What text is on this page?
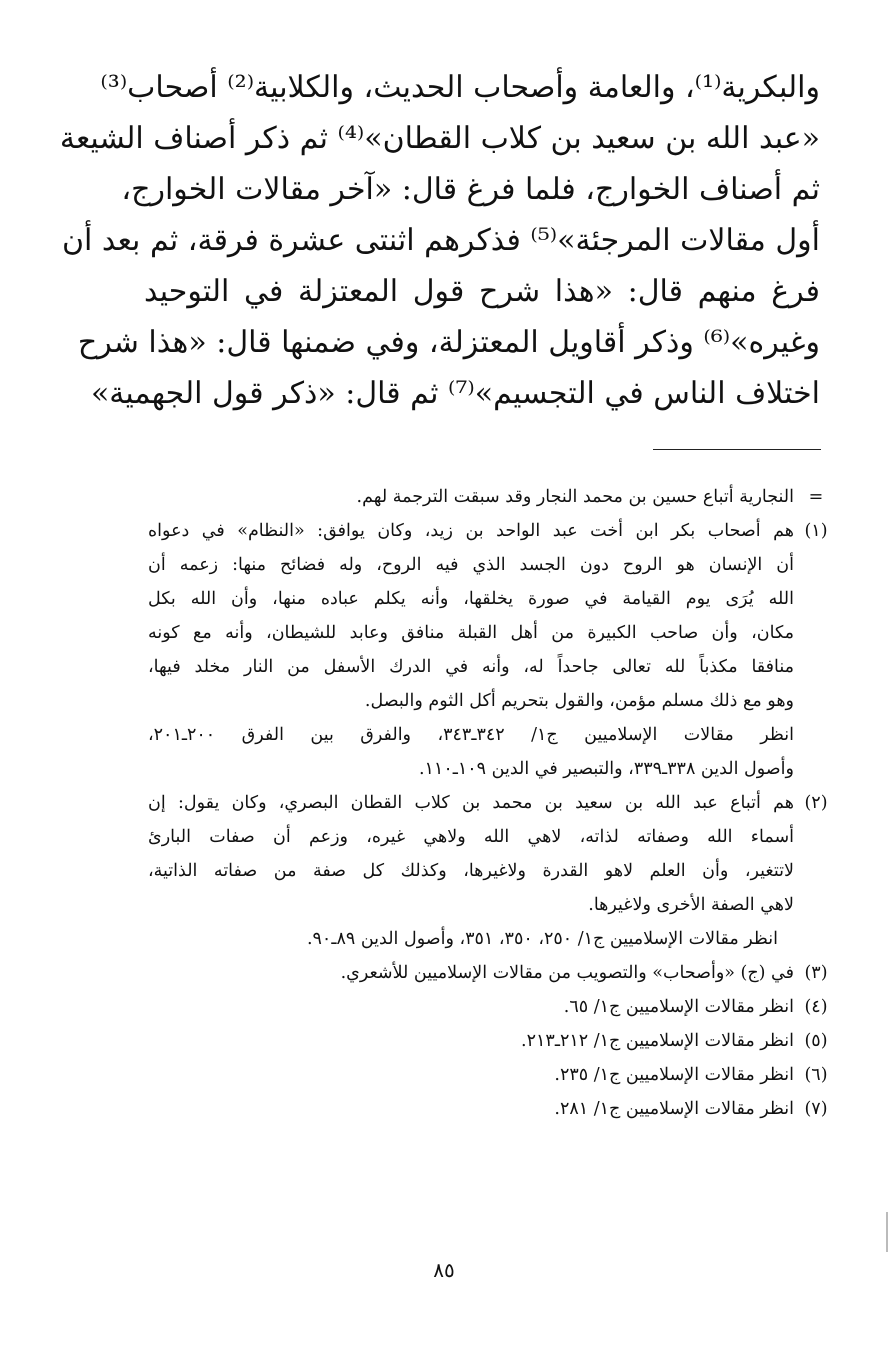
والبكرية⁽¹⁾، والعامة وأصحاب الحديث، والكلابية⁽²⁾ أصحاب⁽³⁾
«عبد الله بن سعيد بن كلاب القطان»⁽⁴⁾ ثم ذكر أصناف الشيعة
ثم أصناف الخوارج، فلما فرغ قال: «آخر مقالات الخوارج،
أول مقالات المرجئة»⁽⁵⁾ فذكرهم اثنتى عشرة فرقة، ثم بعد أن
فرغ منهم قال: «هذا شرح قول المعتزلة في التوحيد
وغيره»⁽⁶⁾ وذكر أقاويل المعتزلة، وفي ضمنها قال: «هذا شرح
اختلاف الناس في التجسيم»⁽⁷⁾ ثم قال: «ذكر قول الجهمية»
=
النجارية أتباع حسين بن محمد النجار وقد سبقت الترجمة لهم.
(١)
هم أصحاب بكر ابن أخت عبد الواحد بن زيد، وكان يوافق: «النظام» في دعواه
أن الإنسان هو الروح دون الجسد الذي فيه الروح، وله فضائح منها: زعمه أن
الله يُرَى يوم القيامة في صورة يخلقها، وأنه يكلم عباده منها، وأن الله بكل
مكان، وأن صاحب الكبيرة من أهل القبلة منافق وعابد للشيطان، وأنه مع كونه
منافقا مكذباً لله تعالى جاحداً له، وأنه في الدرك الأسفل من النار مخلد فيها،
وهو مع ذلك مسلم مؤمن، والقول بتحريم أكل الثوم والبصل.
انظر مقالات الإسلاميين ج١/ ٣٤٢ـ٣٤٣، والفرق بين الفرق ٢٠٠ـ٢٠١،
وأصول الدين ٣٣٨ـ٣٣٩، والتبصير في الدين ١٠٩ـ١١٠.
(٢)
هم أتباع عبد الله بن سعيد بن محمد بن كلاب القطان البصري، وكان يقول: إن
أسماء الله وصفاته لذاته، لاهي الله ولاهي غيره، وزعم أن صفات البارئ
لاتتغير، وأن العلم لاهو القدرة ولاغيرها، وكذلك كل صفة من صفاته الذاتية،
لاهي الصفة الأخرى ولاغيرها.
انظر مقالات الإسلاميين ج١/ ٢٥٠، ٣٥٠، ٣٥١، وأصول الدين ٨٩ـ٩٠.
(٣)
في (ج) «وأصحاب» والتصويب من مقالات الإسلاميين للأشعري.
(٤)
انظر مقالات الإسلاميين ج١/ ٦٥.
(٥)
انظر مقالات الإسلاميين ج١/ ٢١٢ـ٢١٣.
(٦)
انظر مقالات الإسلاميين ج١/ ٢٣٥.
(٧)
انظر مقالات الإسلاميين ج١/ ٢٨١.
٨٥
